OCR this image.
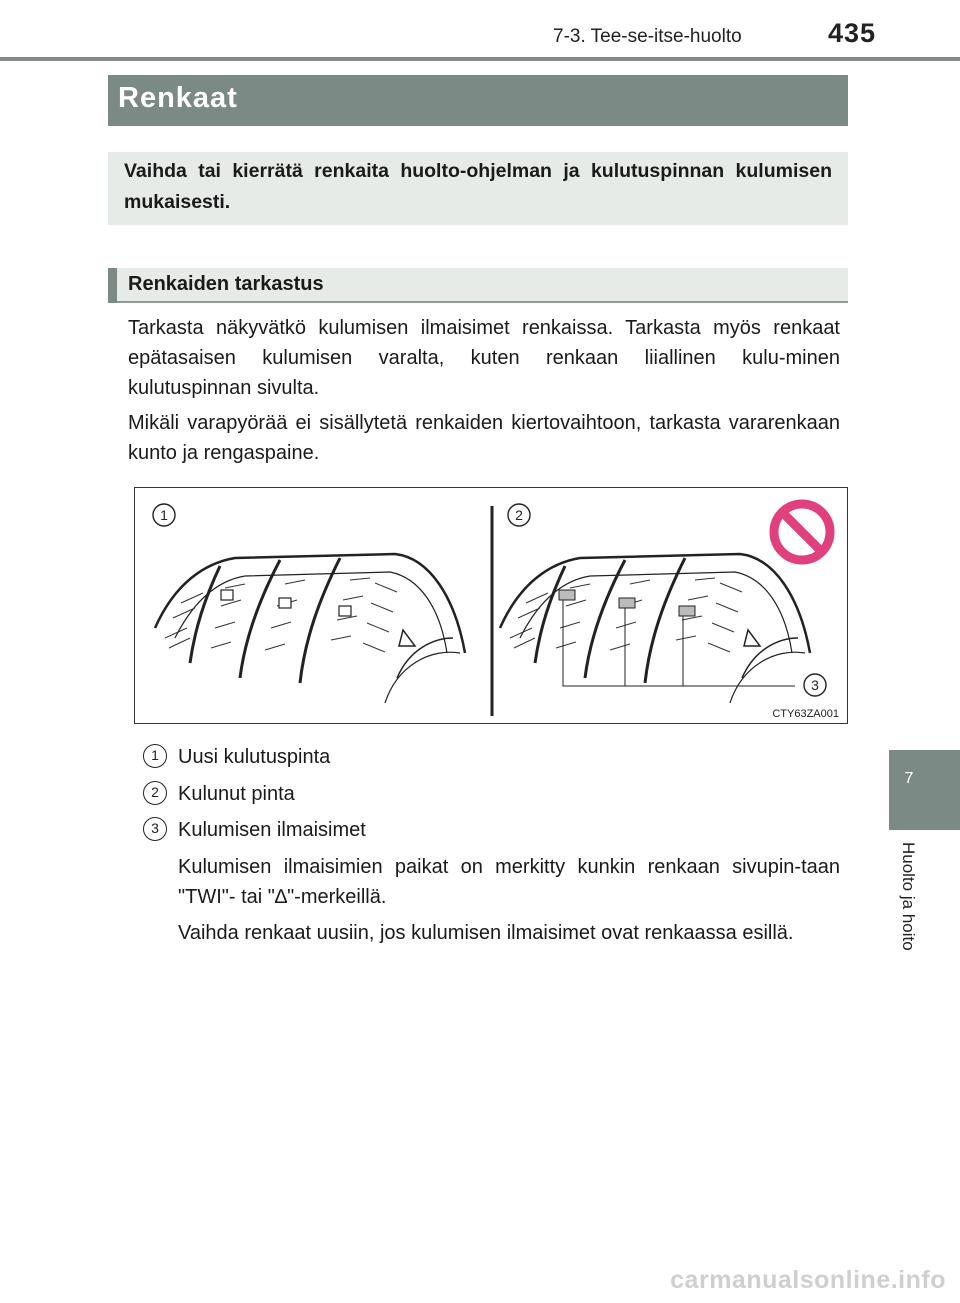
7-3. Tee-se-itse-huolto	435
Renkaat
Vaihda tai kierrätä renkaita huolto-ohjelman ja kulutuspinnan kulumisen mukaisesti.
Renkaiden tarkastus

Tarkasta näkyvätkö kulumisen ilmaisimet renkaissa. Tarkasta myös renkaat epätasaisen kulumisen varalta, kuten renkaan liiallinen kulu-minen kulutuspinnan sivulta.

Mikäli varapyörää ei sisällytetä renkaiden kiertovaihtoon, tarkasta vararenkaan kunto ja rengaspaine.

1	2
3
CTY63ZA001
1 Uusi kulutuspinta
2 Kulunut pinta
3 Kulumisen ilmaisimet

Kulumisen ilmaisimien paikat on merkitty kunkin renkaan sivupin-taan "TWI"- tai "∆"-merkeillä.

Vaihda renkaat uusiin, jos kulumisen ilmaisimet ovat renkaassa esillä.

7
Huolto ja hoito
carmanualsonline.info
